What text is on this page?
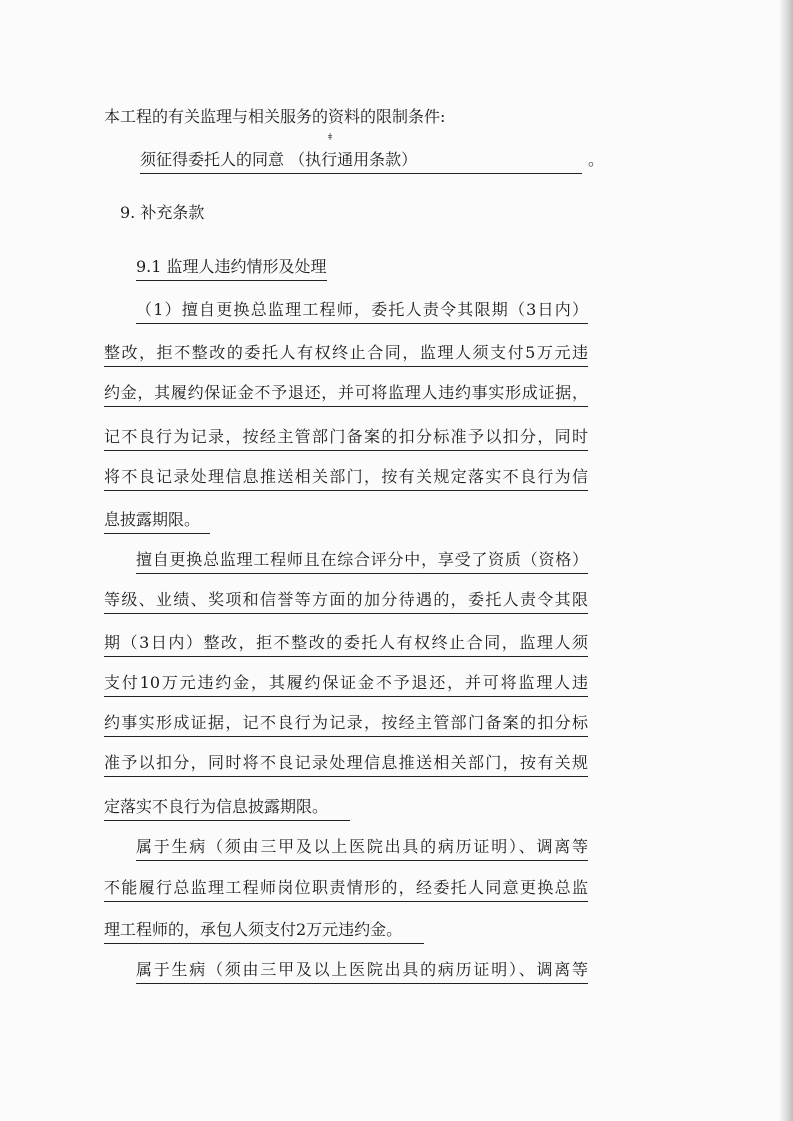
本工程的有关监理与相关服务的资料的限制条件:
ǂ
须征得委托人的同意 （执行通用条款）	。
9. 补充条款
9.1 监理人违约情形及处理
（1）擅自更换总监理工程师，委托人责令其限期（3日内）
整改，拒不整改的委托人有权终止合同，监理人须支付5万元违
约金，其履约保证金不予退还，并可将监理人违约事实形成证据，
记不良行为记录，按经主管部门备案的扣分标准予以扣分，同时
将不良记录处理信息推送相关部门，按有关规定落实不良行为信
息披露期限。
擅自更换总监理工程师且在综合评分中，享受了资质（资格）
等级、业绩、奖项和信誉等方面的加分待遇的，委托人责令其限
期（3日内）整改，拒不整改的委托人有权终止合同，监理人须
支付10万元违约金，其履约保证金不予退还，并可将监理人违
约事实形成证据，记不良行为记录，按经主管部门备案的扣分标
准予以扣分，同时将不良记录处理信息推送相关部门，按有关规
定落实不良行为信息披露期限。
属于生病（须由三甲及以上医院出具的病历证明）、调离等
不能履行总监理工程师岗位职责情形的，经委托人同意更换总监
理工程师的，承包人须支付2万元违约金。
属于生病（须由三甲及以上医院出具的病历证明）、调离等
